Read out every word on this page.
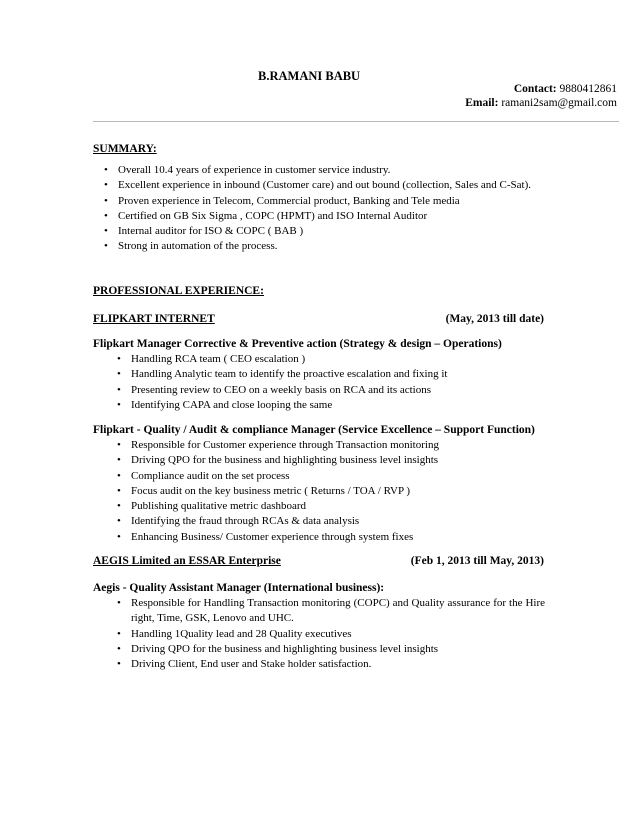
B.RAMANI BABU
Contact: 9880412861
Email: ramani2sam@gmail.com
SUMMARY:
• Overall 10.4 years of experience in customer service industry.
• Excellent experience in inbound (Customer care) and out bound (collection, Sales and C-Sat).
• Proven experience in Telecom, Commercial product, Banking and Tele media
• Certified on GB Six Sigma , COPC (HPMT) and ISO Internal Auditor
• Internal auditor for ISO & COPC ( BAB )
• Strong in automation of the process.
PROFESSIONAL EXPERIENCE:
FLIPKART INTERNET	(May, 2013 till date)
Flipkart Manager Corrective & Preventive action (Strategy & design – Operations)
• Handling RCA team ( CEO escalation )
• Handling Analytic team to identify the proactive escalation and fixing it
• Presenting review to CEO on a weekly basis on RCA and its actions
• Identifying CAPA and close looping the same
Flipkart - Quality / Audit & compliance Manager (Service Excellence – Support Function)
• Responsible for Customer experience through Transaction monitoring
• Driving QPO for the business and highlighting business level insights
• Compliance audit on the set process
• Focus audit on the key business metric ( Returns / TOA / RVP )
• Publishing qualitative metric dashboard
• Identifying the fraud through RCAs & data analysis
• Enhancing Business/ Customer experience through system fixes
AEGIS Limited an ESSAR Enterprise	(Feb 1, 2013 till May, 2013)
Aegis - Quality Assistant Manager (International business):
• Responsible for Handling Transaction monitoring (COPC) and Quality assurance for the Hire right, Time, GSK, Lenovo and UHC.
• Handling 1Quality lead and 28 Quality executives
• Driving QPO for the business and highlighting business level insights
• Driving Client, End user and Stake holder satisfaction.
